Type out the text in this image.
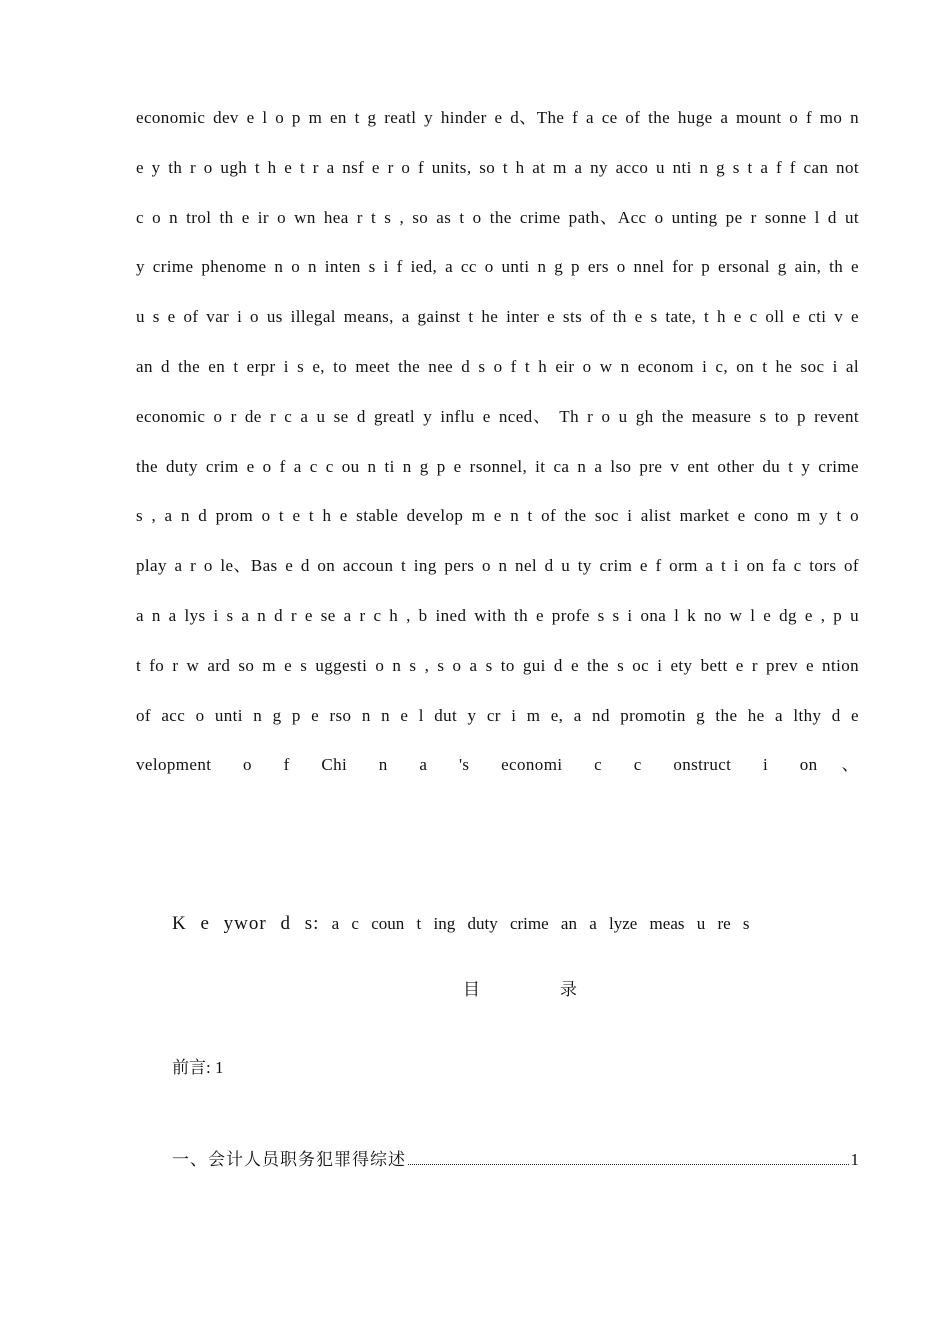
economic dev e l o p m en t g reatl y hinder e d、The f a ce of the huge a mount o f mo n e y th r o ugh t h e t r a nsf e r o f units, so t h at m a ny acco u nti n g s t a f f can not c o n trol th e ir o wn hea r t s , so as t o the crime path、Acc o unting pe r sonne l d ut y crime phenome n o n inten s i f ied, a cc o unti n g p ers o nnel for p ersonal g ain, th e u s e of var i o us illegal means, a gainst t he inter e sts of th e s tate, t h e c oll e cti v e an d the en t erpr i s e, to meet the nee d s o f t h eir o w n econom i c, on t he soc i al economic o r de r c a u se d greatl y influ e nced、 Th r o u gh the measure s to p revent the duty crim e o f a c c ou n ti n g p e rsonnel, it ca n a lso pre v ent other du t y crime s , a n d prom o t e t h e stable develop m e n t of the soc i alist market e cono m y t o play a r o le、Bas e d on accoun t ing pers o n nel d u ty crim e f orm a t i on fa c tors of a n a lys i s a n d r e se a r c h , b ined with th e profe s s i ona l k no w l e dg e , p u t fo r w ard so m e s uggesti o n s , s o a s to gui d e the s oc i ety bett e r prev e ntion of acc o unti n g p e rso n n e l dut y cr i m e, a nd promotin g the he a lthy d e velopment o f Chi n a 's economi c c onstruct i on、

K e ywor d s: a c coun t ing duty crime an a lyze meas u re s
目录
前言: 1
一、会计人员职务犯罪得综述	1
